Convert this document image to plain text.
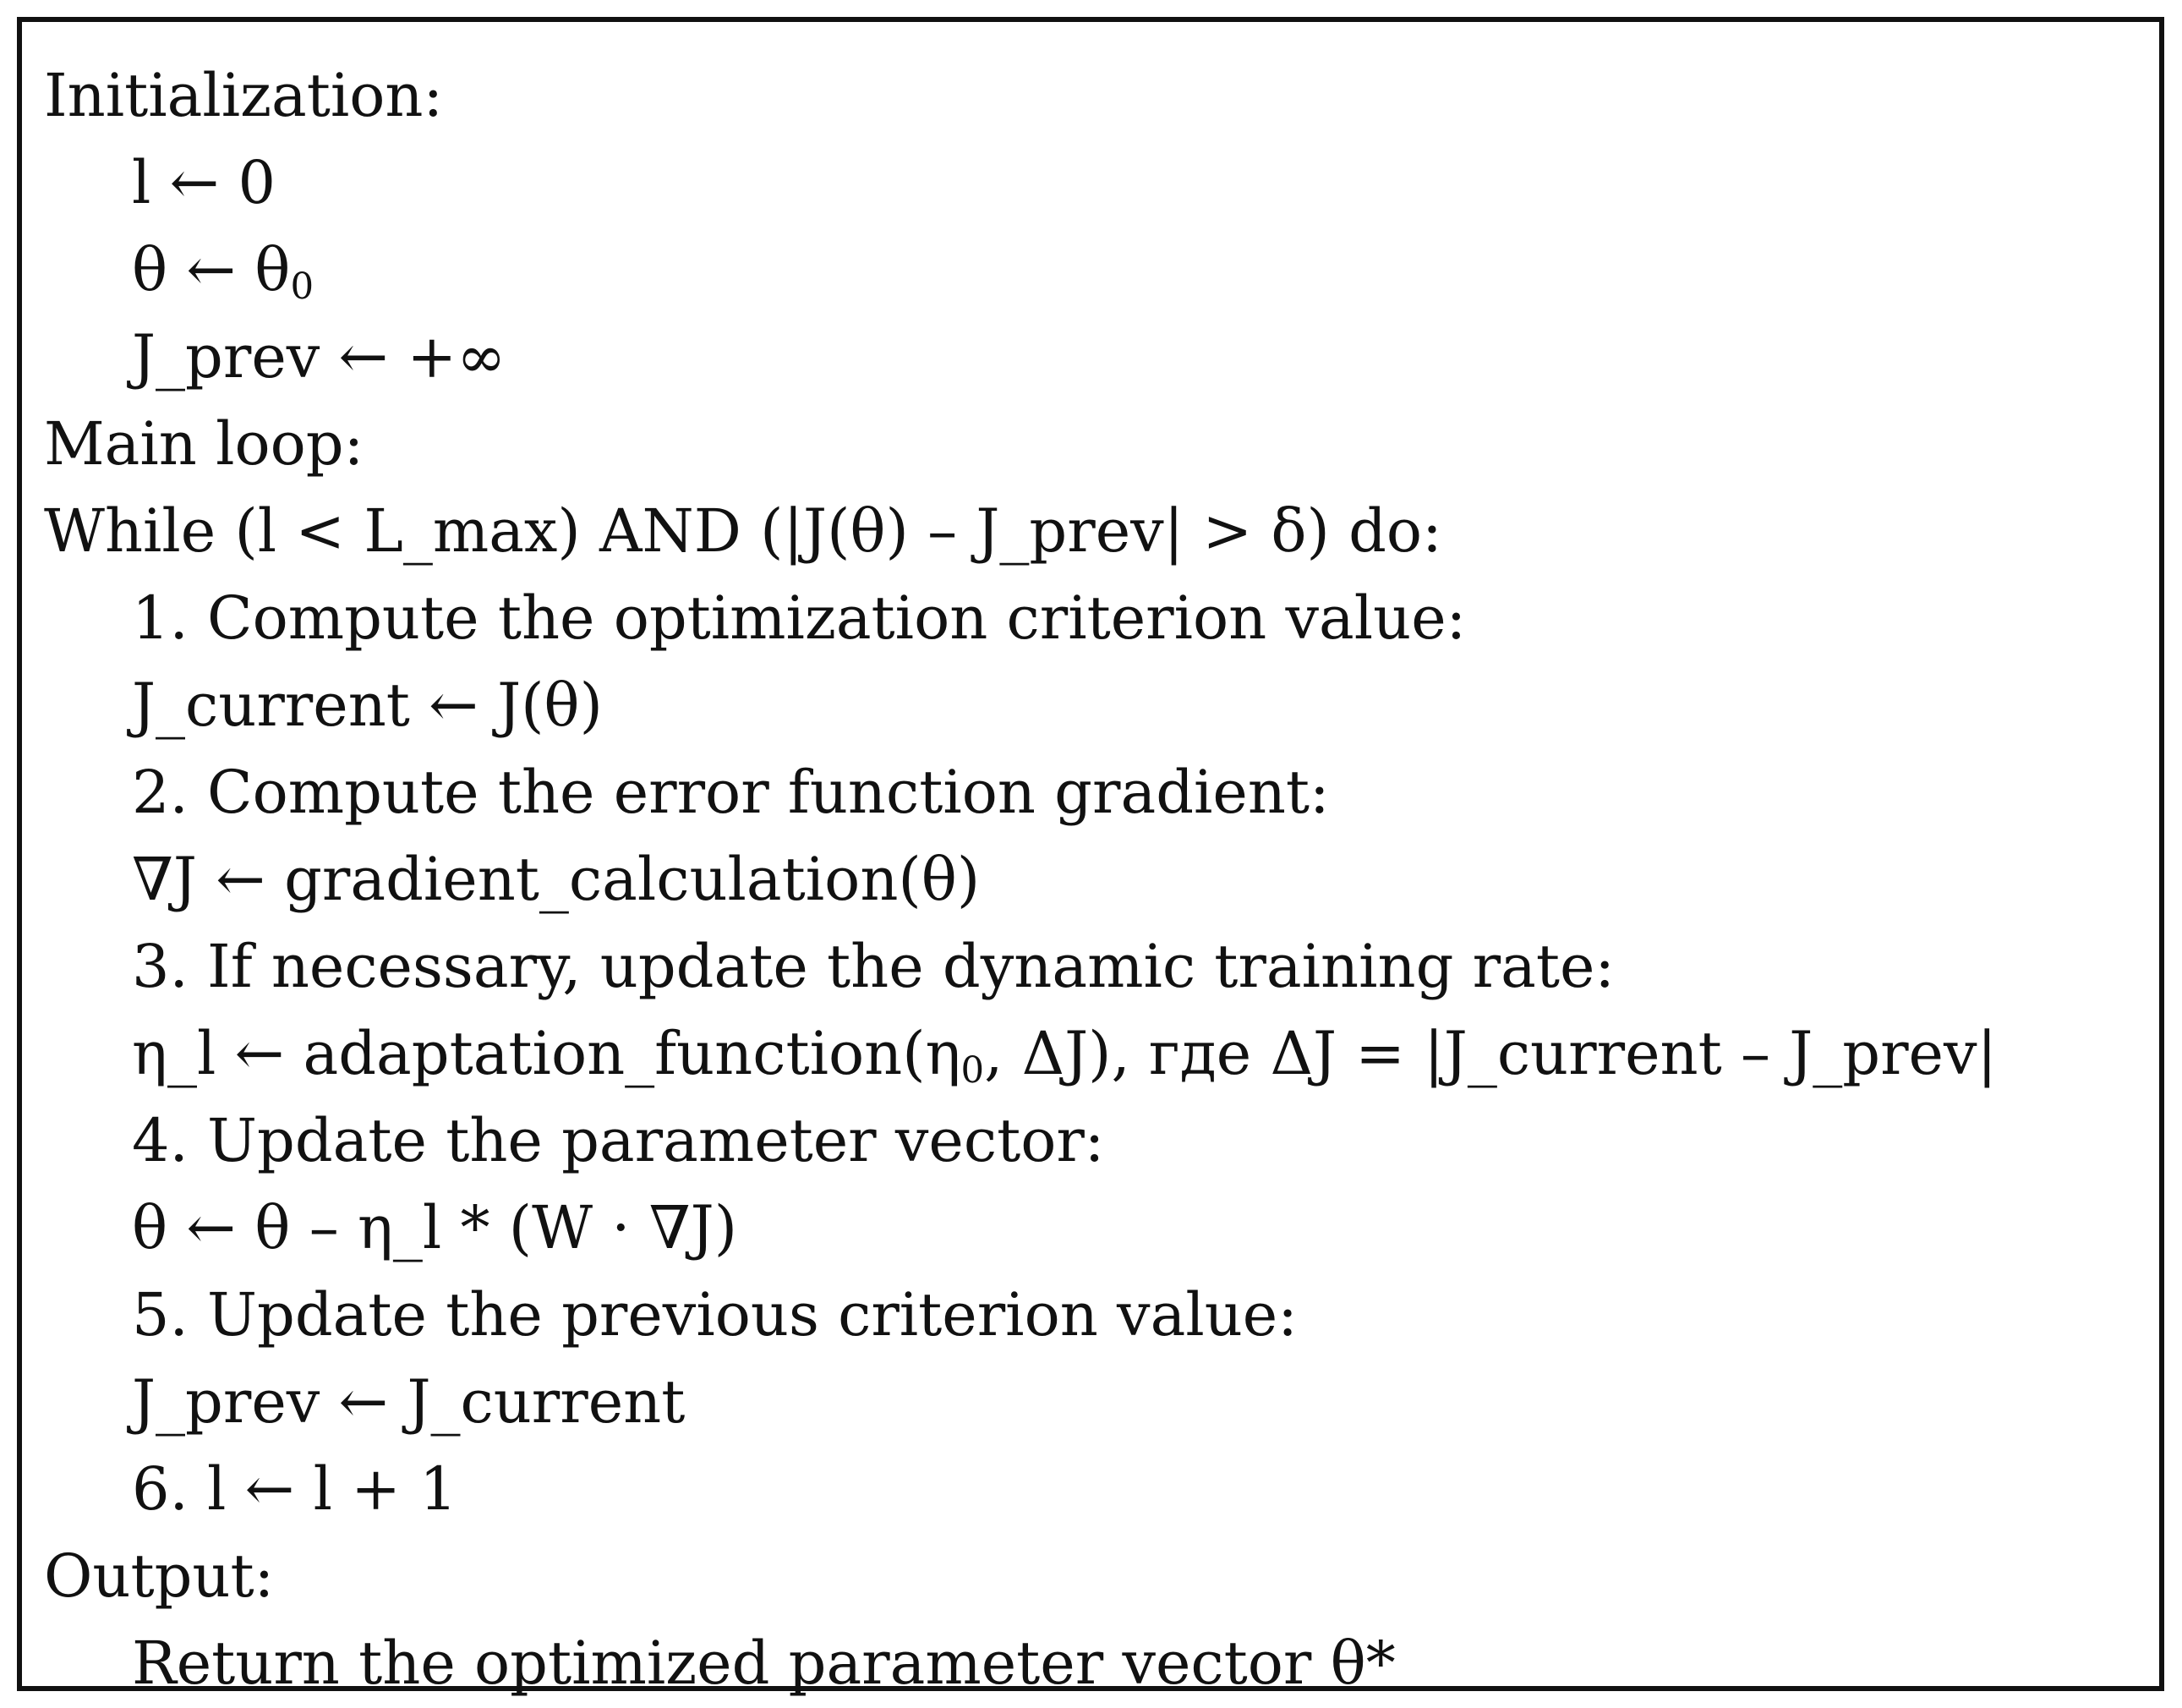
Initialization:
l ← 0
θ ← $\theta_0$
J_prev ← +∞
Main loop:
While (l < L_max) AND (|J(θ) – J_prev| > δ) do:
1. Compute the optimization criterion value:
J_current ← J(θ)
2. Compute the error function gradient:
∇J ← gradient_calculation(θ)
3. If necessary, update the dynamic training rate:
η_l ← $adaptation\_function(\eta_0$, ΔJ), где ΔJ = |J_current – J_prev|
4. Update the parameter vector:
θ ← θ – η_l * (W · ∇J)
5. Update the previous criterion value:
J_prev ← J_current
6. l ← l + 1
Output:
Return the optimized parameter vector θ*
